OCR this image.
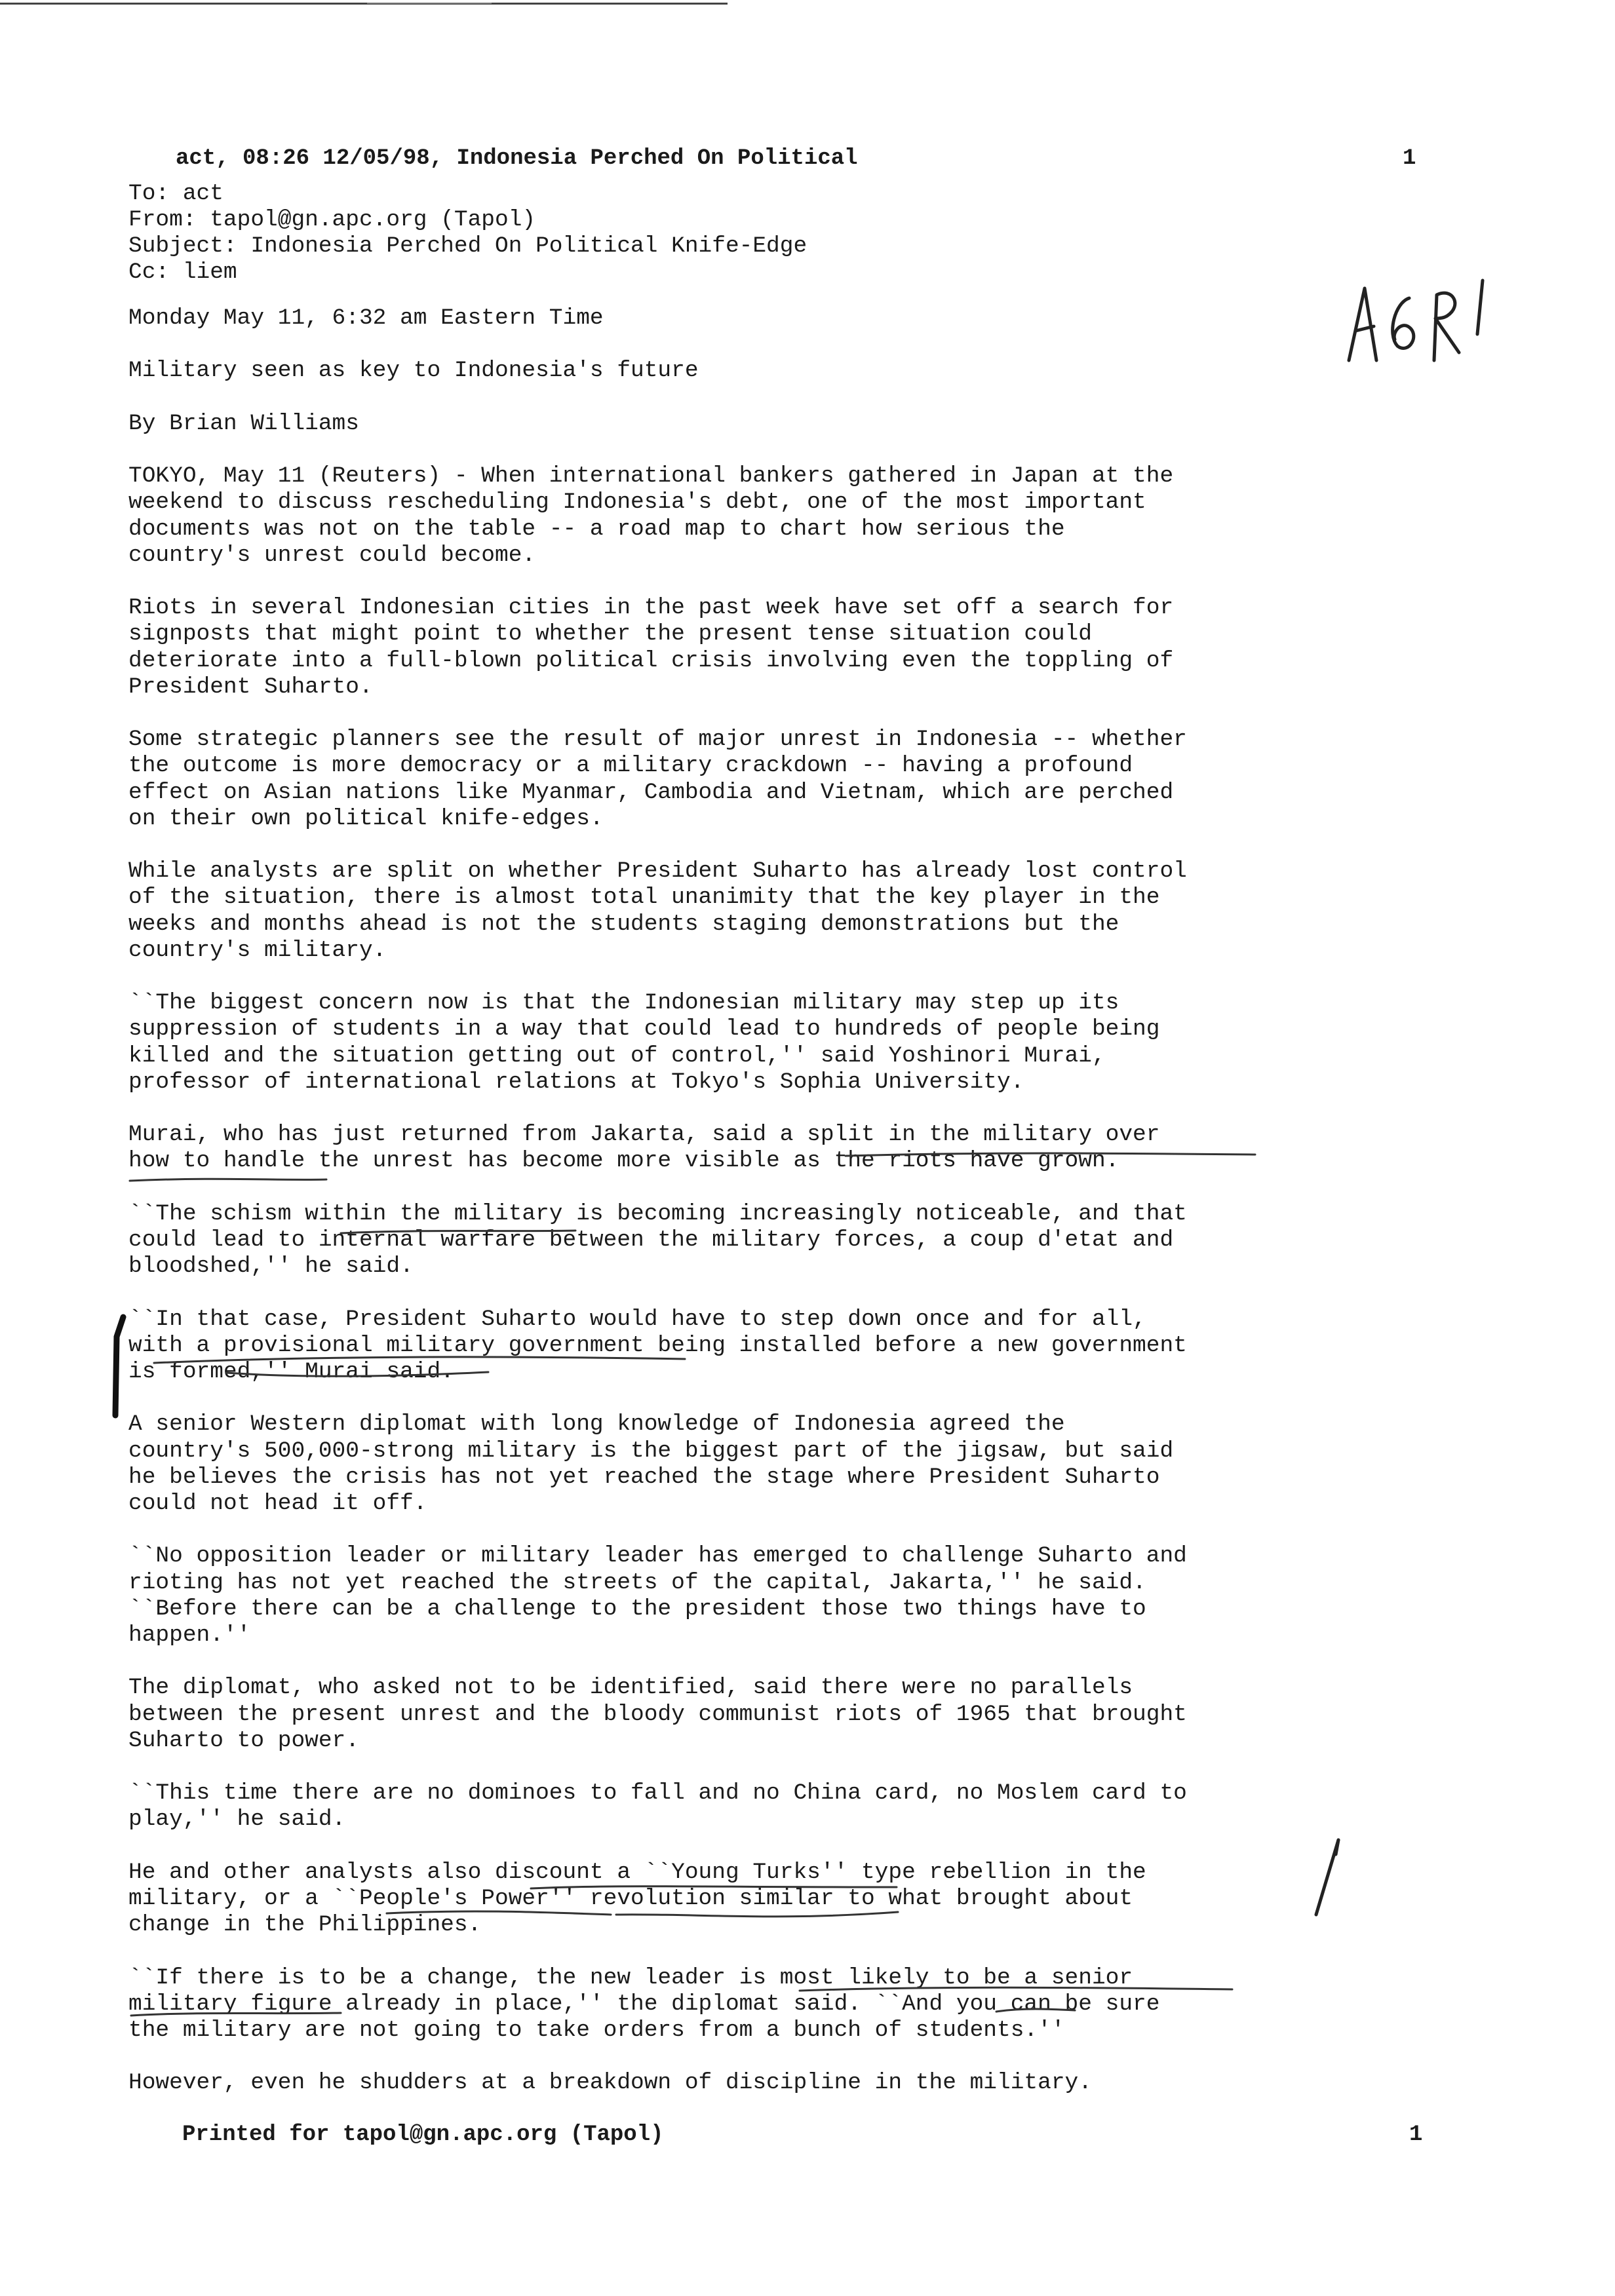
act, 08:26 12/05/98, Indonesia Perched On Political	1
To: act
From: tapol@gn.apc.org (Tapol)
Subject: Indonesia Perched On Political Knife-Edge
Cc: liem

Monday May 11, 6:32 am Eastern Time

Military seen as key to Indonesia's future

By Brian Williams

TOKYO, May 11 (Reuters) - When international bankers gathered in Japan at the
weekend to discuss rescheduling Indonesia's debt, one of the most important
documents was not on the table -- a road map to chart how serious the
country's unrest could become.

Riots in several Indonesian cities in the past week have set off a search for
signposts that might point to whether the present tense situation could
deteriorate into a full-blown political crisis involving even the toppling of
President Suharto.

Some strategic planners see the result of major unrest in Indonesia -- whether
the outcome is more democracy or a military crackdown -- having a profound
effect on Asian nations like Myanmar, Cambodia and Vietnam, which are perched
on their own political knife-edges.

While analysts are split on whether President Suharto has already lost control
of the situation, there is almost total unanimity that the key player in the
weeks and months ahead is not the students staging demonstrations but the
country's military.

``The biggest concern now is that the Indonesian military may step up its
suppression of students in a way that could lead to hundreds of people being
killed and the situation getting out of control,'' said Yoshinori Murai,
professor of international relations at Tokyo's Sophia University.

Murai, who has just returned from Jakarta, said a split in the military over
how to handle the unrest has become more visible as the riots have grown.

``The schism within the military is becoming increasingly noticeable, and that
could lead to internal warfare between the military forces, a coup d'etat and
bloodshed,'' he said.

``In that case, President Suharto would have to step down once and for all,
with a provisional military government being installed before a new government
is formed,'' Murai said.

A senior Western diplomat with long knowledge of Indonesia agreed the
country's 500,000-strong military is the biggest part of the jigsaw, but said
he believes the crisis has not yet reached the stage where President Suharto
could not head it off.

``No opposition leader or military leader has emerged to challenge Suharto and
rioting has not yet reached the streets of the capital, Jakarta,'' he said.
``Before there can be a challenge to the president those two things have to
happen.''

The diplomat, who asked not to be identified, said there were no parallels
between the present unrest and the bloody communist riots of 1965 that brought
Suharto to power.

``This time there are no dominoes to fall and no China card, no Moslem card to
play,'' he said.

He and other analysts also discount a ``Young Turks'' type rebellion in the
military, or a ``People's Power'' revolution similar to what brought about
change in the Philippines.

``If there is to be a change, the new leader is most likely to be a senior
military figure already in place,'' the diplomat said. ``And you can be sure
the military are not going to take orders from a bunch of students.''

However, even he shudders at a breakdown of discipline in the military.

Printed for tapol@gn.apc.org (Tapol)	1
